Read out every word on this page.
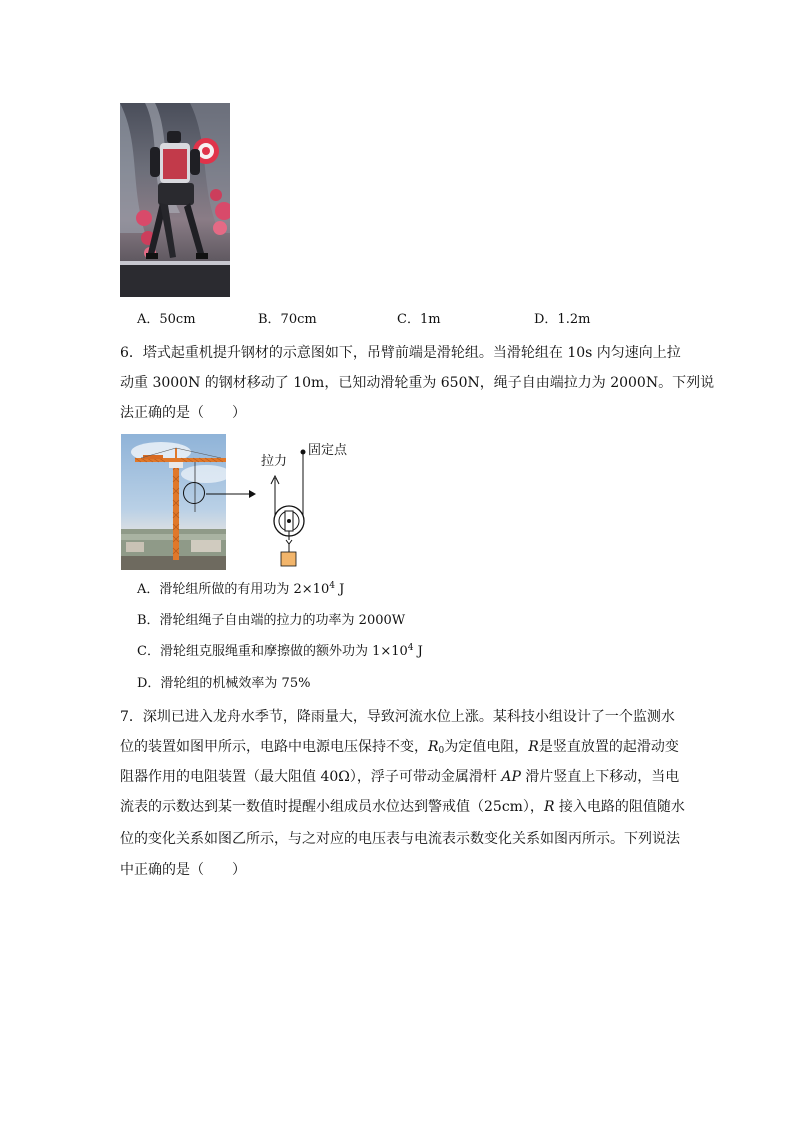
A．50cm	B．70cm	C．1m	D．1.2m
6．塔式起重机提升钢材的示意图如下，吊臂前端是滑轮组。当滑轮组在 10s 内匀速向上拉
动重 3000N 的钢材移动了 10m，已知动滑轮重为 650N，绳子自由端拉力为 2000N。下列说
法正确的是（　　）
拉力
固定点
A．滑轮组所做的有用功为 $2\times 10^4$ J
B．滑轮组绳子自由端的拉力的功率为 2000W
C．滑轮组克服绳重和摩擦做的额外功为 $1\times 10^4$ J
D．滑轮组的机械效率为 75%
7．深圳已进入龙舟水季节，降雨量大，导致河流水位上涨。某科技小组设计了一个监测水
位的装置如图甲所示，电路中电源电压保持不变，$R_0$为定值电阻，R是竖直放置的起滑动变
阻器作用的电阻装置（最大阻值 40Ω），浮子可带动金属滑杆 AP 滑片竖直上下移动，当电
流表的示数达到某一数值时提醒小组成员水位达到警戒值（25cm），R 接入电路的阻值随水
位的变化关系如图乙所示，与之对应的电压表与电流表示数变化关系如图丙所示。下列说法
中正确的是（　　）
